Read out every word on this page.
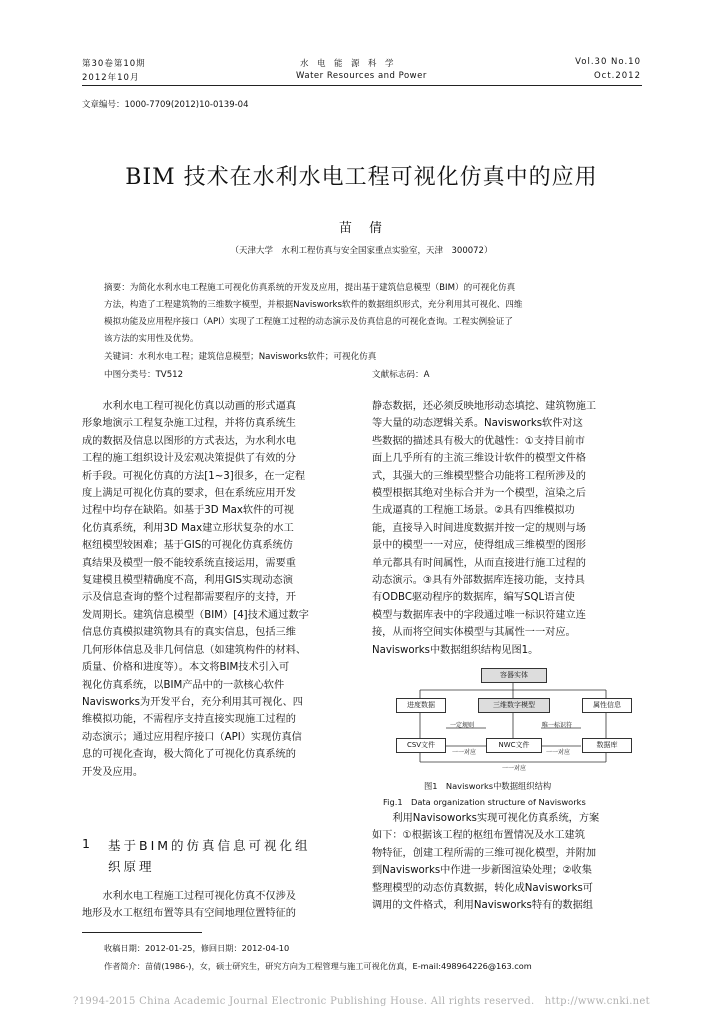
第30卷第10期
2012年10月
水　电　能　源　科　学
Water Resources and Power
Vol.30 No.10
Oct.2012
文章编号：1000-7709(2012)10-0139-04
BIM 技术在水利水电工程可视化仿真中的应用
苗　倩
（天津大学　水利工程仿真与安全国家重点实验室，天津　300072）
摘要：为简化水利水电工程施工可视化仿真系统的开发及应用，提出基于建筑信息模型（BIM）的可视化仿真
方法，构造了工程建筑物的三维数字模型，并根据Navisworks软件的数据组织形式，充分利用其可视化、四维
模拟功能及应用程序接口（API）实现了工程施工过程的动态演示及仿真信息的可视化查询。工程实例验证了
该方法的实用性及优势。
关键词：水利水电工程；建筑信息模型；Navisworks软件；可视化仿真
中图分类号：TV512	文献标志码：A

水利水电工程可视化仿真以动画的形式逼真

形象地演示工程复杂施工过程，并将仿真系统生

成的数据及信息以图形的方式表达，为水利水电

工程的施工组织设计及宏观决策提供了有效的分

析手段。可视化仿真的方法[1~3]很多，在一定程

度上满足可视化仿真的要求，但在系统应用开发

过程中均存在缺陷。如基于3D Max软件的可视

化仿真系统，利用3D Max建立形状复杂的水工

枢纽模型较困难；基于GIS的可视化仿真系统仿

真结果及模型一般不能较系统直接运用，需要重

复建模且模型精确度不高，利用GIS实现动态演

示及信息查询的整个过程都需要程序的支持，开

发周期长。建筑信息模型（BIM）[4]技术通过数字

信息仿真模拟建筑物具有的真实信息，包括三维

几何形体信息及非几何信息（如建筑构件的材料、

质量、价格和进度等）。本文将BIM技术引入可

视化仿真系统，以BIM产品中的一款核心软件

Navisworks为开发平台，充分利用其可视化、四

维模拟功能，不需程序支持直接实现施工过程的

动态演示；通过应用程序接口（API）实现仿真信

息的可视化查询，极大简化了可视化仿真系统的

开发及应用。

1 基于BIM的仿真信息可视化组
织原理

水利水电工程施工过程可视化仿真不仅涉及

地形及水工枢纽布置等具有空间地理位置特征的

静态数据，还必须反映地形动态填挖、建筑物施工

等大量的动态逻辑关系。Navisworks软件对这

些数据的描述具有极大的优越性：①支持目前市

面上几乎所有的主流三维设计软件的模型文件格

式，其强大的三维模型整合功能将工程所涉及的

模型根据其绝对坐标合并为一个模型，渲染之后

生成逼真的工程施工场景。②具有四维模拟功

能，直接导入时间进度数据并按一定的规则与场

景中的模型一一对应，使得组成三维模型的图形

单元都具有时间属性，从而直接进行施工过程的

动态演示。③具有外部数据库连接功能，支持具

有ODBC驱动程序的数据库，编写SQL语言使

模型与数据库表中的字段通过唯一标识符建立连

接，从而将空间实体模型与其属性一一对应。

Navisworks中数据组织结构见图1。

容器实体
进度数据	三维数字模型	属性信息
CSV文件	NWC文件	数据库
一定规则
一一对应
唯一标识符
一一对应
一一对应
图1　Navisworks中数据组织结构
Fig.1　Data organization structure of Navisworks

利用Navisoworks实现可视化仿真系统，方案

如下：①根据该工程的枢纽布置情况及水工建筑

物特征，创建工程所需的三维可视化模型，并附加

到Navisworks中作进一步新图渲染处理；②收集

整理模型的动态仿真数据，转化成Navisworks可

调用的文件格式，利用Navisworks特有的数据组

收稿日期：2012-01-25，修回日期：2012-04-10
作者简介：苗倩(1986-)，女，硕士研究生，研究方向为工程管理与施工可视化仿真，E-mail:498964226@163.com
?1994-2015 China Academic Journal Electronic Publishing House. All rights reserved.　http://www.cnki.net
